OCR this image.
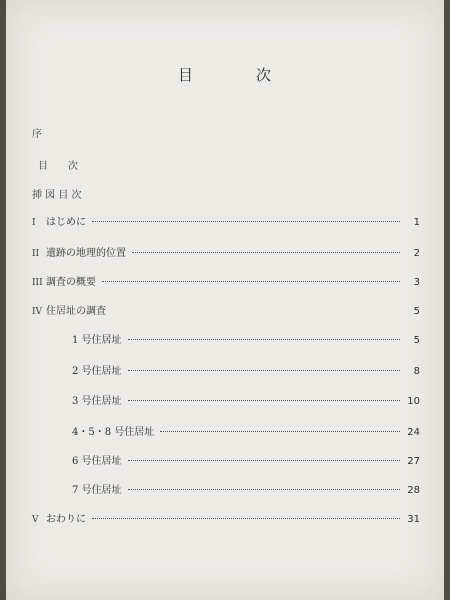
目	次
序
目　　次
挿 図 目 次
I	はじめに	1
II 遺跡の地理的位置	2
III 調査の概要	3
IV 住居址の調査	5
1 号住居址	5
2 号住居址	8
3 号住居址	10
4・5・8 号住居址	24
6 号住居址	27
7 号住居址	28
V おわりに	31
